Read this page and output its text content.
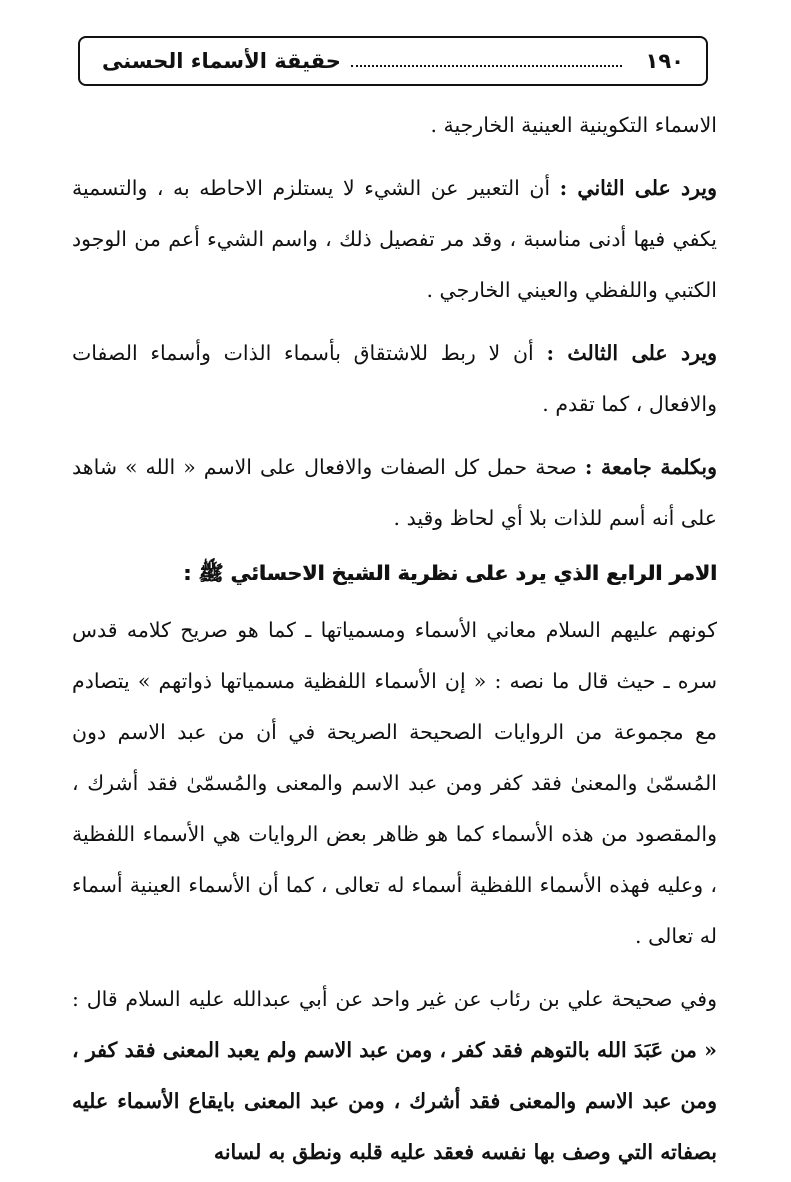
١٩٠
حقيقة الأسماء الحسنى

الاسماء التكوينية العينية الخارجية .

ويرد على الثاني : أن التعبير عن الشيء لا يستلزم الاحاطه به ، والتسمية يكفي فيها أدنى مناسبة ، وقد مر تفصيل ذلك ، واسم الشيء أعم من الوجود الكتبي واللفظي والعيني الخارجي .

ويرد على الثالث : أن لا ربط للاشتقاق بأسماء الذات وأسماء الصفات والافعال ، كما تقدم .

وبكلمة جامعة : صحة حمل كل الصفات والافعال على الاسم « الله » شاهد على أنه أسم للذات بلا أي لحاظ وقيد .

الامر الرابع الذي يرد على نظرية الشيخ الاحسائي ﷺ :

كونهم عليهم السلام معاني الأسماء ومسمياتها ـ كما هو صريح كلامه قدس سره ـ حيث قال ما نصه : « إن الأسماء اللفظية مسمياتها ذواتهم » يتصادم مع مجموعة من الروايات الصحيحة الصريحة في أن من عبد الاسم دون المُسمّىٰ والمعنىٰ فقد كفر ومن عبد الاسم والمعنى والمُسمّىٰ فقد أشرك ، والمقصود من هذه الأسماء كما هو ظاهر بعض الروايات هي الأسماء اللفظية ، وعليه فهذه الأسماء اللفظية أسماء له تعالى ، كما أن الأسماء العينية أسماء له تعالى .

وفي صحيحة علي بن رئاب عن غير واحد عن أبي عبدالله عليه السلام قال : « من عَبَدَ الله بالتوهم فقد كفر ، ومن عبد الاسم ولم يعبد المعنى فقد كفر ، ومن عبد الاسم والمعنى فقد أشرك ، ومن عبد المعنى بايقاع الأسماء عليه بصفاته التي وصف بها نفسه فعقد عليه قلبه ونطق به لسانه
